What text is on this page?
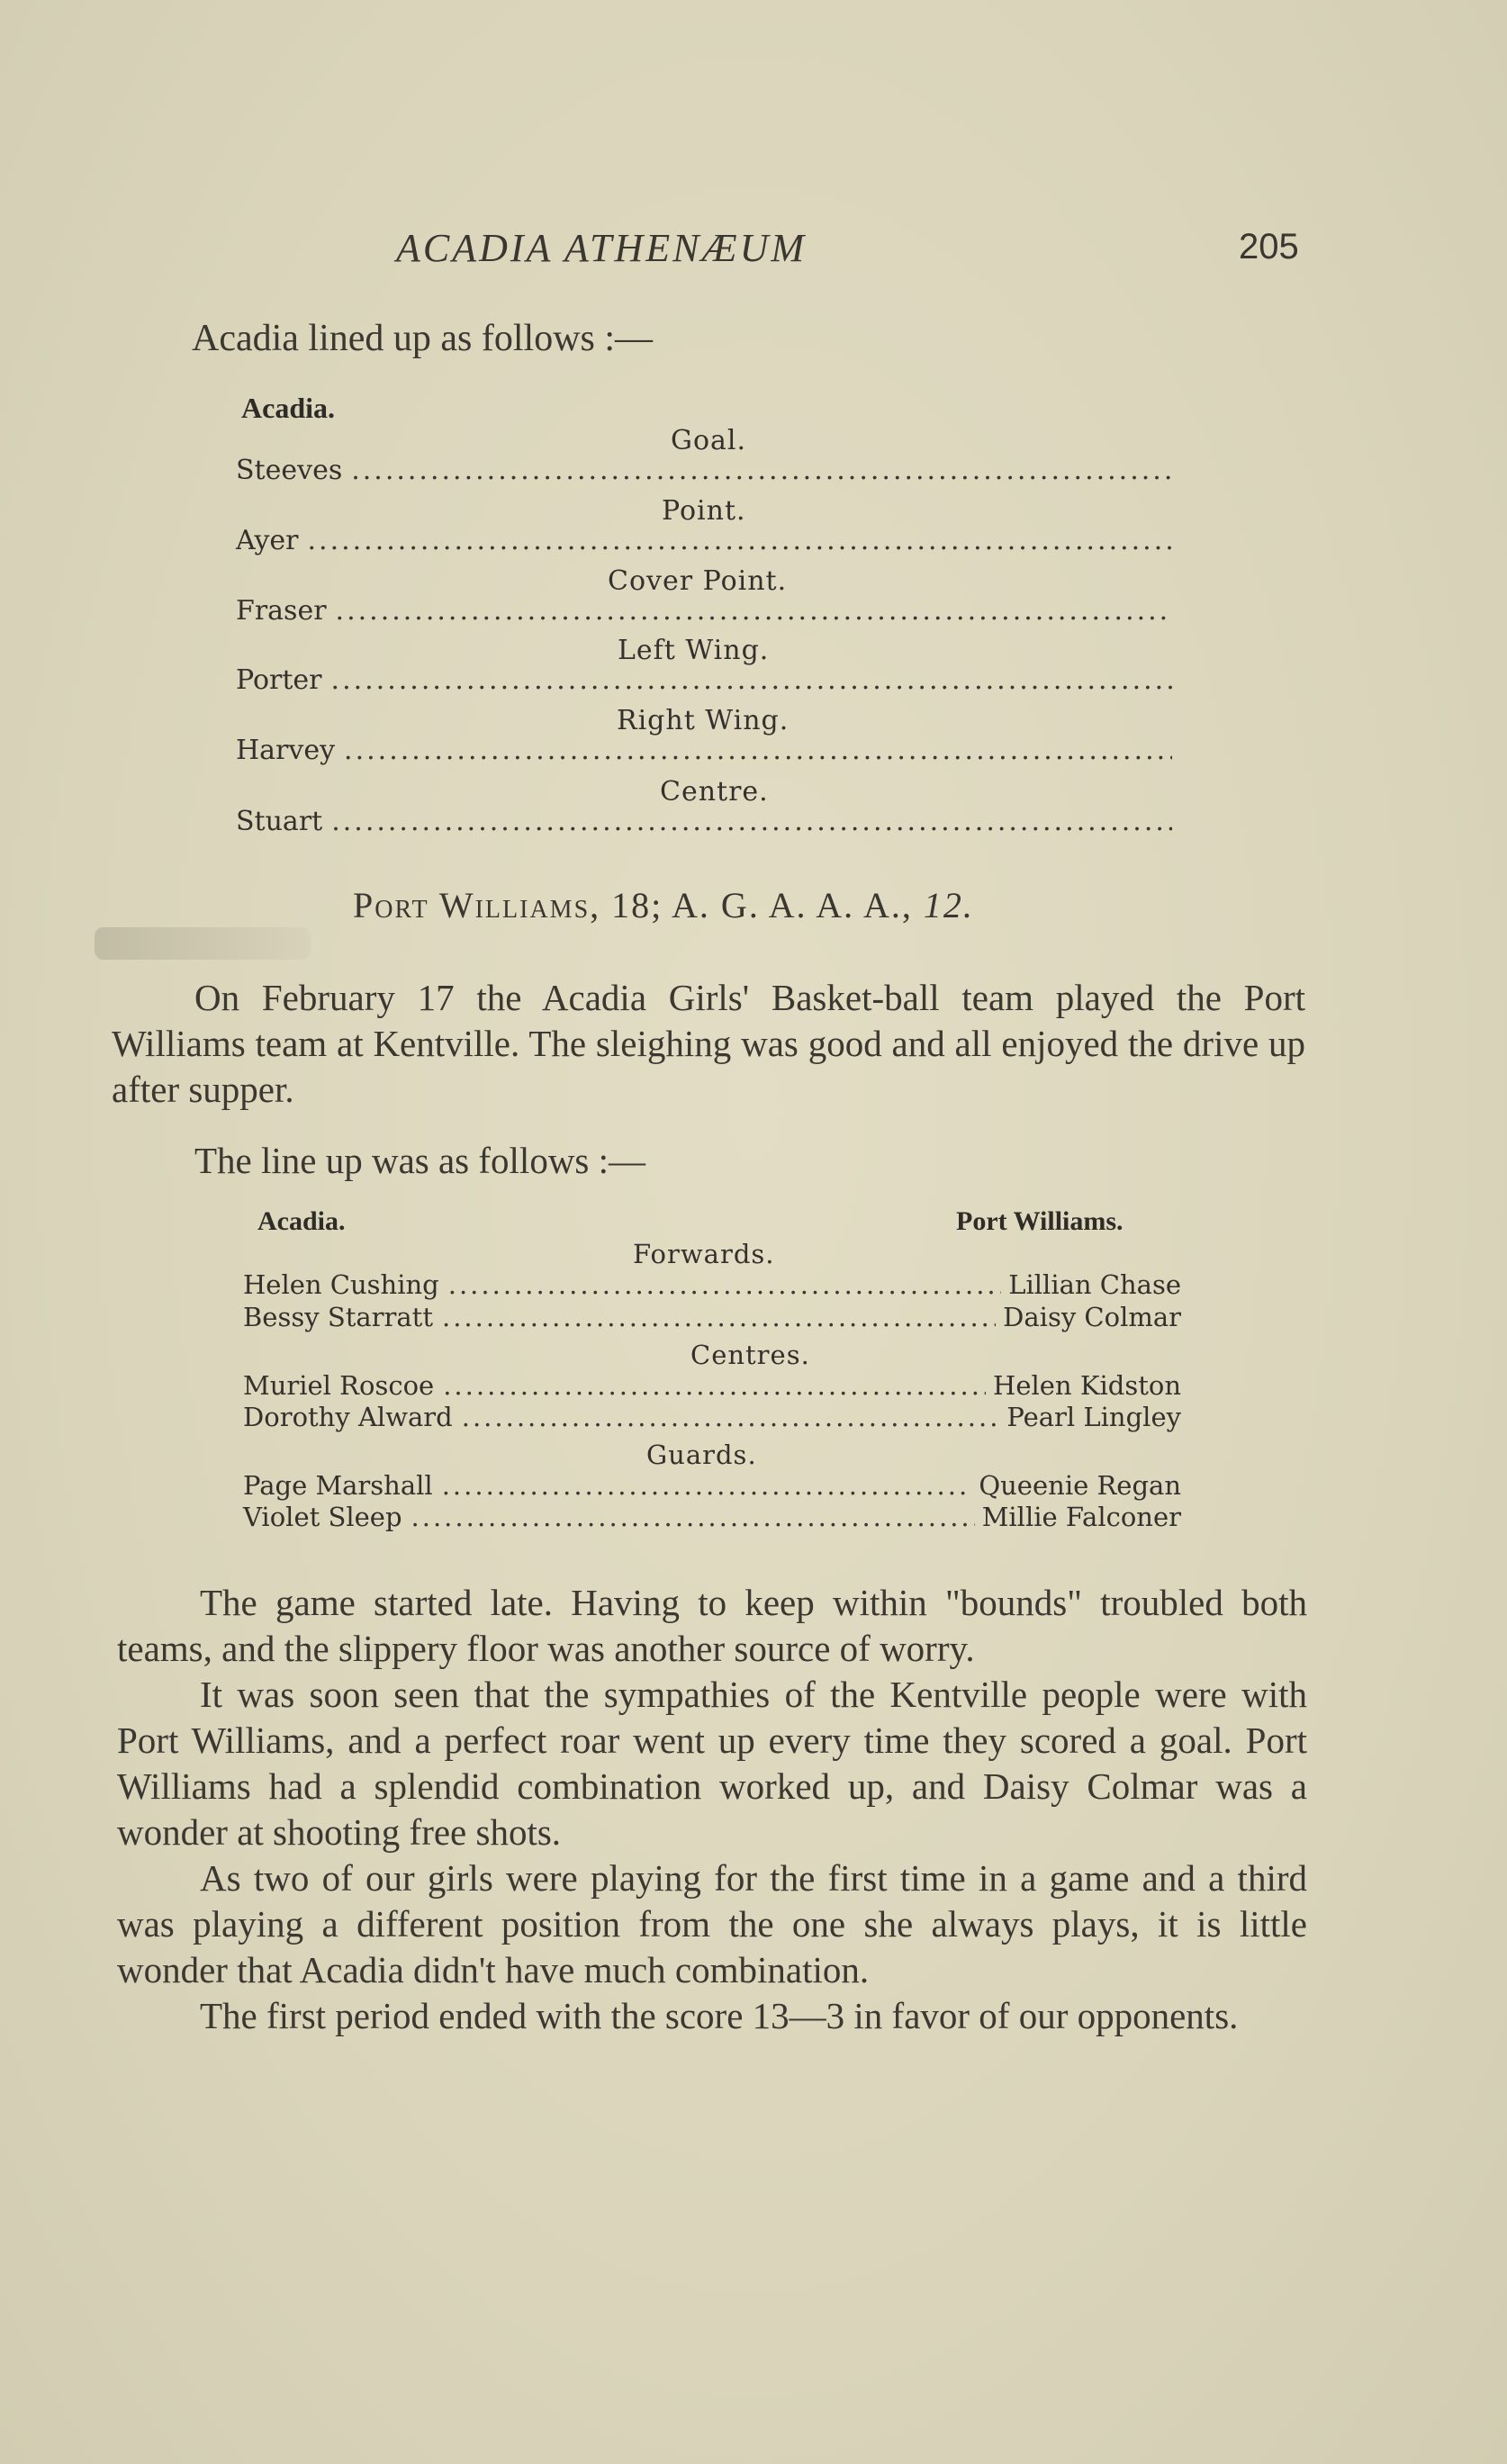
ACADIA ATHENÆUM	205
Acadia lined up as follows :—
Acadia.
Goal.
Steeves
.....
Point.
Ayer
.....
Cover Point.
Fraser
.....
Left Wing.
Porter
.....
Right Wing.
Harvey
.....
Centre.
Stuart
.....
Port Williams, 18; A. G. A. A. A., 12.

On February 17 the Acadia Girls' Basket-ball team played the Port Williams team at Kentville. The sleighing was good and all enjoyed the drive up after supper.

The line up was as follows :—
Acadia.	Port Williams.
Forwards.
Helen Cushing .....	Lillian Chase
Bessy Starratt .....	Daisy Colmar
Centres.
Muriel Roscoe .....	Helen Kidston
Dorothy Alward .....	Pearl Lingley
Guards.
Page Marshall .....	Queenie Regan
Violet Sleep .....	Millie Falconer

The game started late. Having to keep within "bounds" troubled both teams, and the slippery floor was another source of worry.

It was soon seen that the sympathies of the Kentville people were with Port Williams, and a perfect roar went up every time they scored a goal. Port Williams had a splendid combination worked up, and Daisy Colmar was a wonder at shooting free shots.

As two of our girls were playing for the first time in a game and a third was playing a different position from the one she always plays, it is little wonder that Acadia didn't have much combination.

The first period ended with the score 13—3 in favor of our opponents.
